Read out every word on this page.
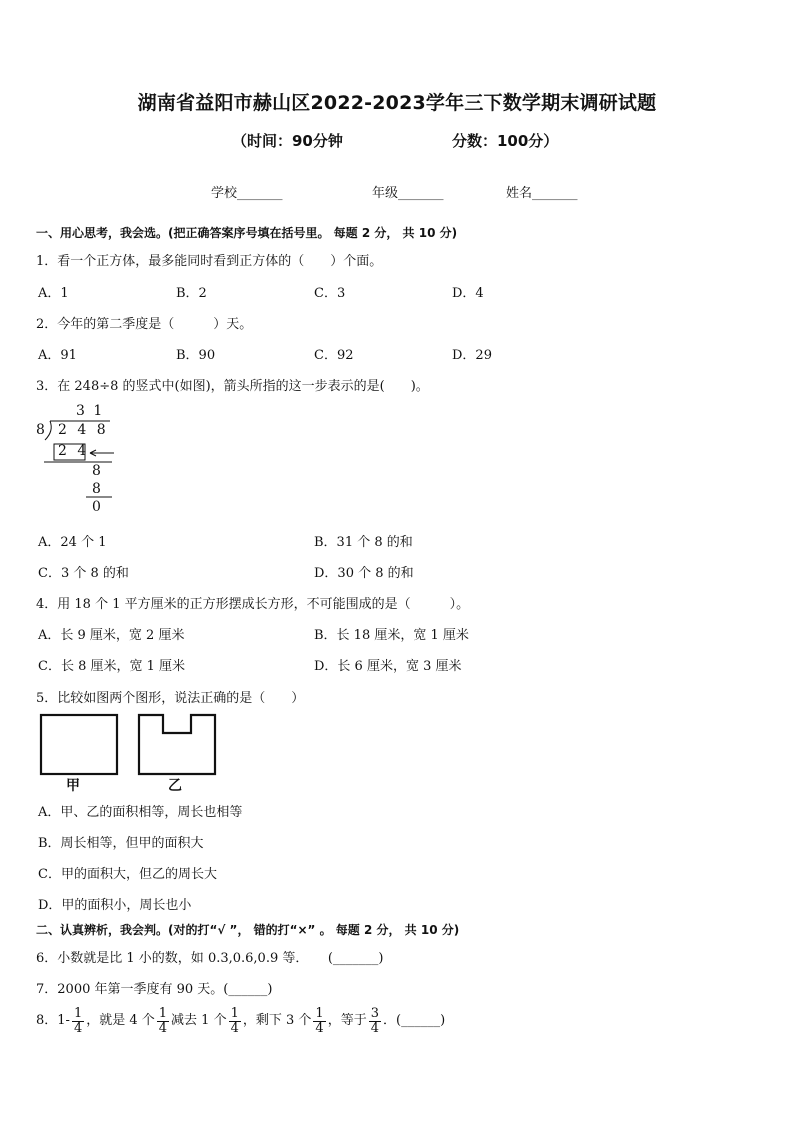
湖南省益阳市赫山区2022-2023学年三下数学期末调研试题
（时间：90分钟	分数：100分）
学校_______	年级_______	姓名_______
一、用心思考，我会选。(把正确答案序号填在括号里。 每题 2 分， 共 10 分)
1．看一个正方体，最多能同时看到正方体的（　　）个面。
A．1	B．2	C．3	D．4
2．今年的第二季度是（　　　）天。
A．91	B．90	C．92	D．29
3．在 248÷8 的竖式中(如图)，箭头所指的这一步表示的是(　　)。
3 1
8 2 4 8
2 4
8
8
0
A．24 个 1	B．31 个 8 的和
C．3 个 8 的和	D．30 个 8 的和
4．用 18 个 1 平方厘米的正方形摆成长方形，不可能围成的是（　　　）。
A．长 9 厘米，宽 2 厘米	B．长 18 厘米，宽 1 厘米
C．长 8 厘米，宽 1 厘米	D．长 6 厘米，宽 3 厘米
5．比较如图两个图形，说法正确的是（　　）
甲	乙
A．甲、乙的面积相等，周长也相等
B．周长相等，但甲的面积大
C．甲的面积大，但乙的周长大
D．甲的面积小，周长也小
二、认真辨析，我会判。(对的打“√ ”， 错的打“×” 。 每题 2 分， 共 10 分)
6．小数就是比 1 小的数，如 0.3,0.6,0.9 等．　　(_______)
7．2000 年第一季度有 90 天。(______)
8．$1- \frac{1}{4}$ ，就是 4 个 $\frac{1}{4}$ 减去 1 个 $\frac{1}{4}$ ，剩下 3 个 $\frac{1}{4}$ ，等于 $\frac{3}{4}$ ．(______)
